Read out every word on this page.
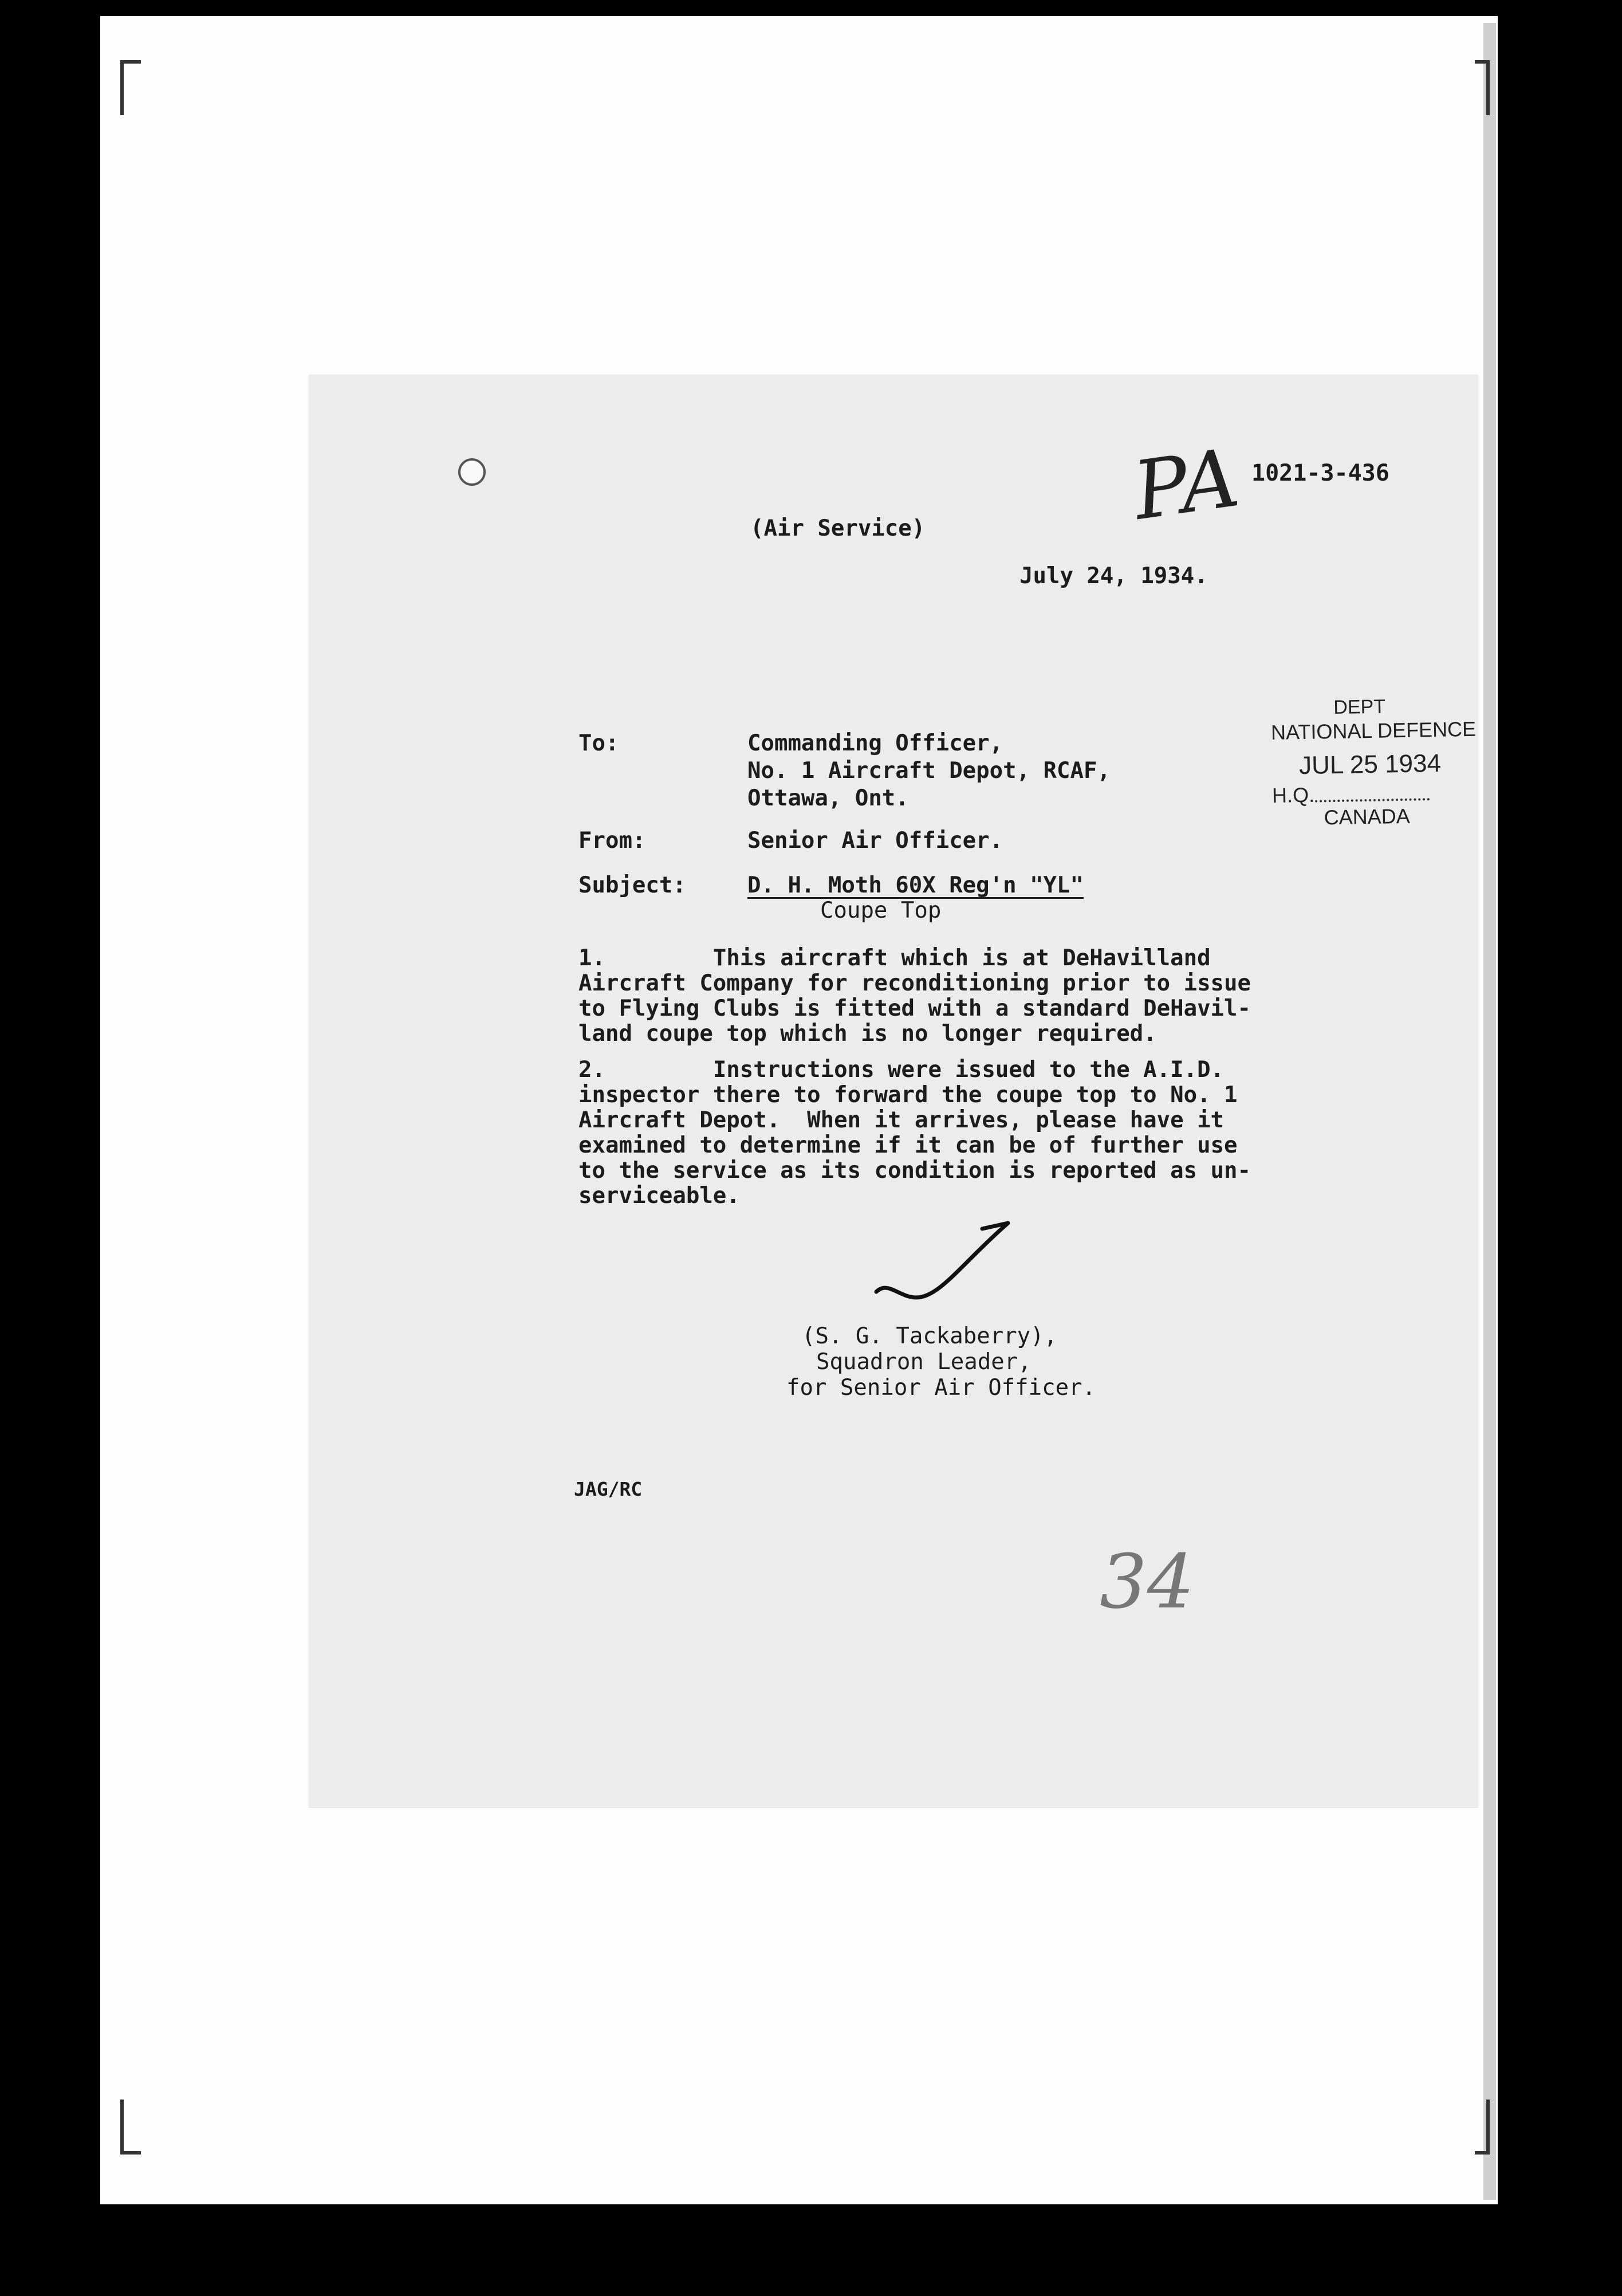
PA 1021-3-436
(Air Service)
July 24, 1934.
DEPT
NATIONAL DEFENCE
JUL 25 1934
H.Q.
CANADA
To:	Commanding Officer,
No. 1 Aircraft Depot, RCAF,
Ottawa, Ont.
From:	Senior Air Officer.
Subject:	D. H. Moth 60X Reg'n "YL"
Coupe Top
1.        This aircraft which is at DeHavilland
Aircraft Company for reconditioning prior to issue
to Flying Clubs is fitted with a standard DeHavil-
land coupe top which is no longer required.
2.        Instructions were issued to the A.I.D.
inspector there to forward the coupe top to No. 1
Aircraft Depot.  When it arrives, please have it
examined to determine if it can be of further use
to the service as its condition is reported as un-
serviceable.
(S. G. Tackaberry),
Squadron Leader,
for Senior Air Officer.
JAG/RC
34
